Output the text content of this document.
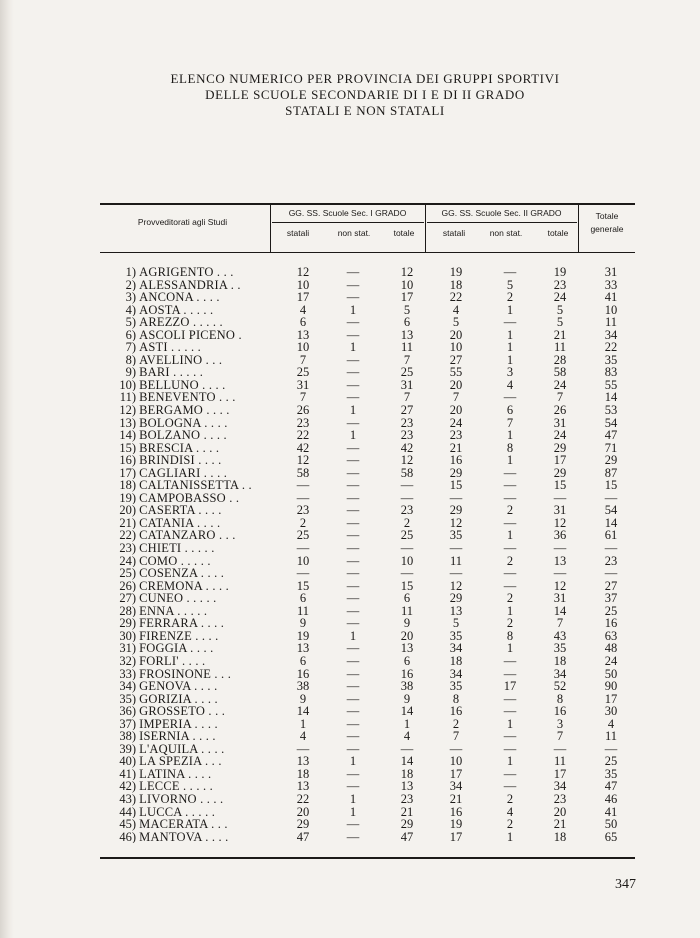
ELENCO NUMERICO PER PROVINCIA DEI GRUPPI SPORTIVI
DELLE SCUOLE SECONDARIE DI I E DI II GRADO
STATALI E NON STATALI
Provveditorati agli Studi
GG. SS. Scuole Sec. I GRADO	GG. SS. Scuole Sec. II GRADO	Totale
generale
statali	non stat.	totale	statali	non stat.	totale
1) AGRIGENTO . . .	12	—	12	19	—	19	31
2) ALESSANDRIA . .	10	—	10	18	5	23	33
3) ANCONA . . . .	17	—	17	22	2	24	41
4) AOSTA . . . . .	4	1	5	4	1	5	10
5) AREZZO . . . . .	6	—	6	5	—	5	11
6) ASCOLI PICENO .	13	—	13	20	1	21	34
7) ASTI . . . . .	10	1	11	10	1	11	22
8) AVELLINO . . .	7	—	7	27	1	28	35
9) BARI . . . . .	25	—	25	55	3	58	83
10) BELLUNO . . . .	31	—	31	20	4	24	55
11) BENEVENTO . . .	7	—	7	7	—	7	14
12) BERGAMO . . . .	26	1	27	20	6	26	53
13) BOLOGNA . . . .	23	—	23	24	7	31	54
14) BOLZANO . . . .	22	1	23	23	1	24	47
15) BRESCIA . . . .	42	—	42	21	8	29	71
16) BRINDISI . . . .	12	—	12	16	1	17	29
17) CAGLIARI . . . .	58	—	58	29	—	29	87
18) CALTANISSETTA . .	—	—	—	15	—	15	15
19) CAMPOBASSO . .	—	—	—	—	—	—	—
20) CASERTA . . . .	23	—	23	29	2	31	54
21) CATANIA . . . .	2	—	2	12	—	12	14
22) CATANZARO . . .	25	—	25	35	1	36	61
23) CHIETI . . . . .	—	—	—	—	—	—	—
24) COMO . . . . .	10	—	10	11	2	13	23
25) COSENZA . . . .	—	—	—	—	—	—	—
26) CREMONA . . . .	15	—	15	12	—	12	27
27) CUNEO . . . . .	6	—	6	29	2	31	37
28) ENNA . . . . .	11	—	11	13	1	14	25
29) FERRARA . . . .	9	—	9	5	2	7	16
30) FIRENZE . . . .	19	1	20	35	8	43	63
31) FOGGIA . . . .	13	—	13	34	1	35	48
32) FORLI' . . . .	6	—	6	18	—	18	24
33) FROSINONE . . .	16	—	16	34	—	34	50
34) GENOVA . . . .	38	—	38	35	17	52	90
35) GORIZIA . . . .	9	—	9	8	—	8	17
36) GROSSETO . . .	14	—	14	16	—	16	30
37) IMPERIA . . . .	1	—	1	2	1	3	4
38) ISERNIA . . . .	4	—	4	7	—	7	11
39) L'AQUILA . . . .	—	—	—	—	—	—	—
40) LA SPEZIA . . .	13	1	14	10	1	11	25
41) LATINA . . . .	18	—	18	17	—	17	35
42) LECCE . . . . .	13	—	13	34	—	34	47
43) LIVORNO . . . .	22	1	23	21	2	23	46
44) LUCCA . . . . .	20	1	21	16	4	20	41
45) MACERATA . . .	29	—	29	19	2	21	50
46) MANTOVA . . . .	47	—	47	17	1	18	65
347
